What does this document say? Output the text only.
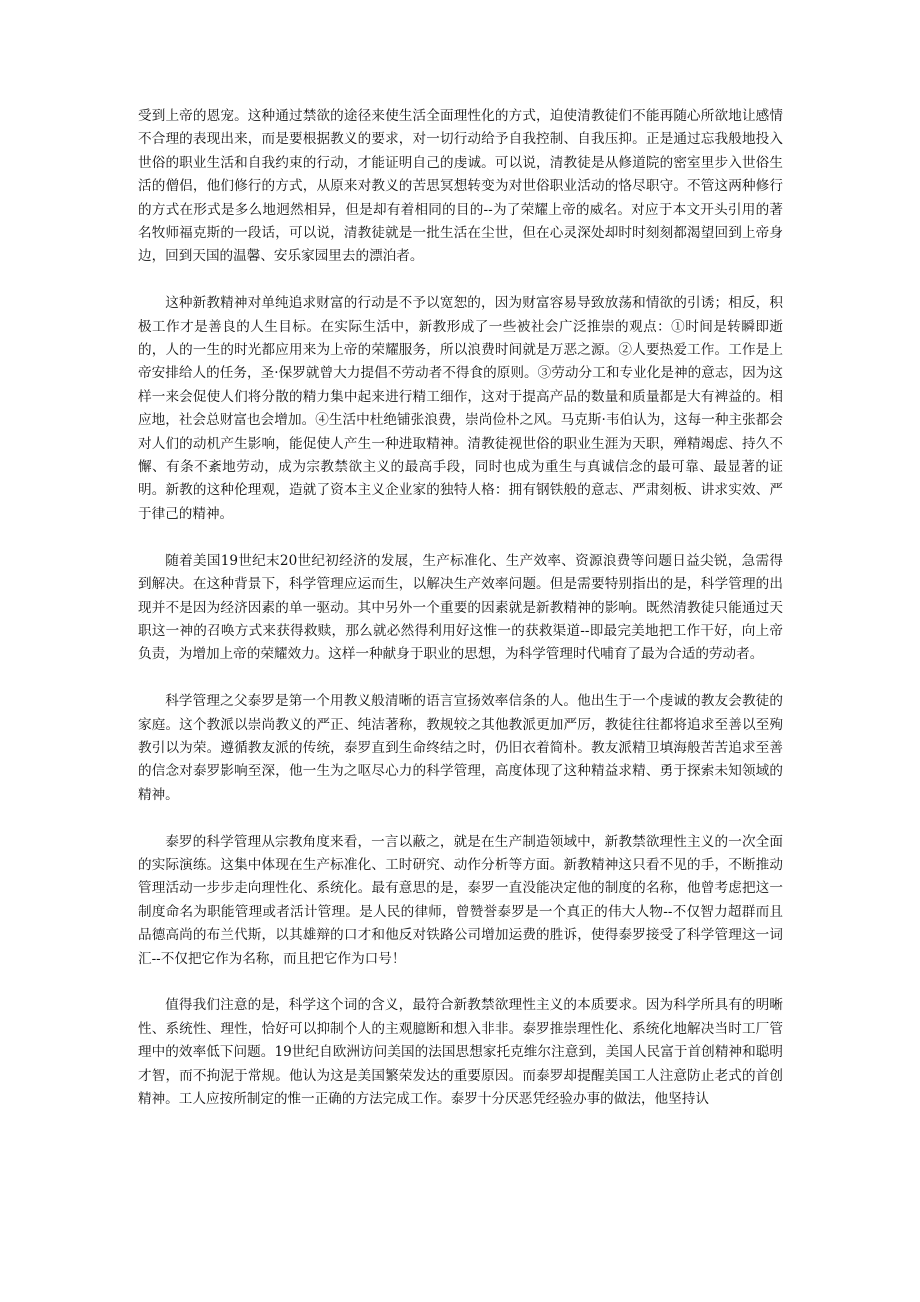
受到上帝的恩宠。这种通过禁欲的途径来使生活全面理性化的方式，迫使清教徒们不能再随心所欲地让感情不合理的表现出来，而是要根据教义的要求，对一切行动给予自我控制、自我压抑。正是通过忘我般地投入世俗的职业生活和自我约束的行动，才能证明自己的虔诚。可以说，清教徒是从修道院的密室里步入世俗生活的僧侣，他们修行的方式，从原来对教义的苦思冥想转变为对世俗职业活动的恪尽职守。不管这两种修行的方式在形式是多么地迥然相异，但是却有着相同的目的--为了荣耀上帝的威名。对应于本文开头引用的著名牧师福克斯的一段话，可以说，清教徒就是一批生活在尘世，但在心灵深处却时时刻刻都渴望回到上帝身边，回到天国的温馨、安乐家园里去的漂泊者。

这种新教精神对单纯追求财富的行动是不予以宽恕的，因为财富容易导致放荡和情欲的引诱；相反，积极工作才是善良的人生目标。在实际生活中，新教形成了一些被社会广泛推崇的观点：①时间是转瞬即逝的，人的一生的时光都应用来为上帝的荣耀服务，所以浪费时间就是万恶之源。②人要热爱工作。工作是上帝安排给人的任务，圣·保罗就曾大力提倡不劳动者不得食的原则。③劳动分工和专业化是神的意志，因为这样一来会促使人们将分散的精力集中起来进行精工细作，这对于提高产品的数量和质量都是大有裨益的。相应地，社会总财富也会增加。④生活中杜绝铺张浪费，崇尚俭朴之风。马克斯·韦伯认为，这每一种主张都会对人们的动机产生影响，能促使人产生一种进取精神。清教徒视世俗的职业生涯为天职，殚精竭虑、持久不懈、有条不紊地劳动，成为宗教禁欲主义的最高手段，同时也成为重生与真诚信念的最可靠、最显著的证明。新教的这种伦理观，造就了资本主义企业家的独特人格：拥有钢铁般的意志、严肃刻板、讲求实效、严于律己的精神。

随着美国19世纪末20世纪初经济的发展，生产标准化、生产效率、资源浪费等问题日益尖锐，急需得到解决。在这种背景下，科学管理应运而生，以解决生产效率问题。但是需要特别指出的是，科学管理的出现并不是因为经济因素的单一驱动。其中另外一个重要的因素就是新教精神的影响。既然清教徒只能通过天职这一神的召唤方式来获得救赎，那么就必然得利用好这惟一的获救渠道--即最完美地把工作干好，向上帝负责，为增加上帝的荣耀效力。这样一种献身于职业的思想，为科学管理时代哺育了最为合适的劳动者。

科学管理之父泰罗是第一个用教义般清晰的语言宣扬效率信条的人。他出生于一个虔诚的教友会教徒的家庭。这个教派以崇尚教义的严正、纯洁著称，教规较之其他教派更加严厉，教徒往往都将追求至善以至殉教引以为荣。遵循教友派的传统，泰罗直到生命终结之时，仍旧衣着简朴。教友派精卫填海般苦苦追求至善的信念对泰罗影响至深，他一生为之呕尽心力的科学管理，高度体现了这种精益求精、勇于探索未知领域的精神。

泰罗的科学管理从宗教角度来看，一言以蔽之，就是在生产制造领域中，新教禁欲理性主义的一次全面的实际演练。这集中体现在生产标准化、工时研究、动作分析等方面。新教精神这只看不见的手，不断推动管理活动一步步走向理性化、系统化。最有意思的是，泰罗一直没能决定他的制度的名称，他曾考虑把这一制度命名为职能管理或者活计管理。是人民的律师，曾赞誉泰罗是一个真正的伟大人物--不仅智力超群而且品德高尚的布兰代斯，以其雄辩的口才和他反对铁路公司增加运费的胜诉，使得泰罗接受了科学管理这一词汇--不仅把它作为名称，而且把它作为口号！

值得我们注意的是，科学这个词的含义，最符合新教禁欲理性主义的本质要求。因为科学所具有的明晰性、系统性、理性，恰好可以抑制个人的主观臆断和想入非非。泰罗推崇理性化、系统化地解决当时工厂管理中的效率低下问题。19世纪自欧洲访问美国的法国思想家托克维尔注意到，美国人民富于首创精神和聪明才智，而不拘泥于常规。他认为这是美国繁荣发达的重要原因。而泰罗却提醒美国工人注意防止老式的首创精神。工人应按所制定的惟一正确的方法完成工作。泰罗十分厌恶凭经验办事的做法，他坚持认
